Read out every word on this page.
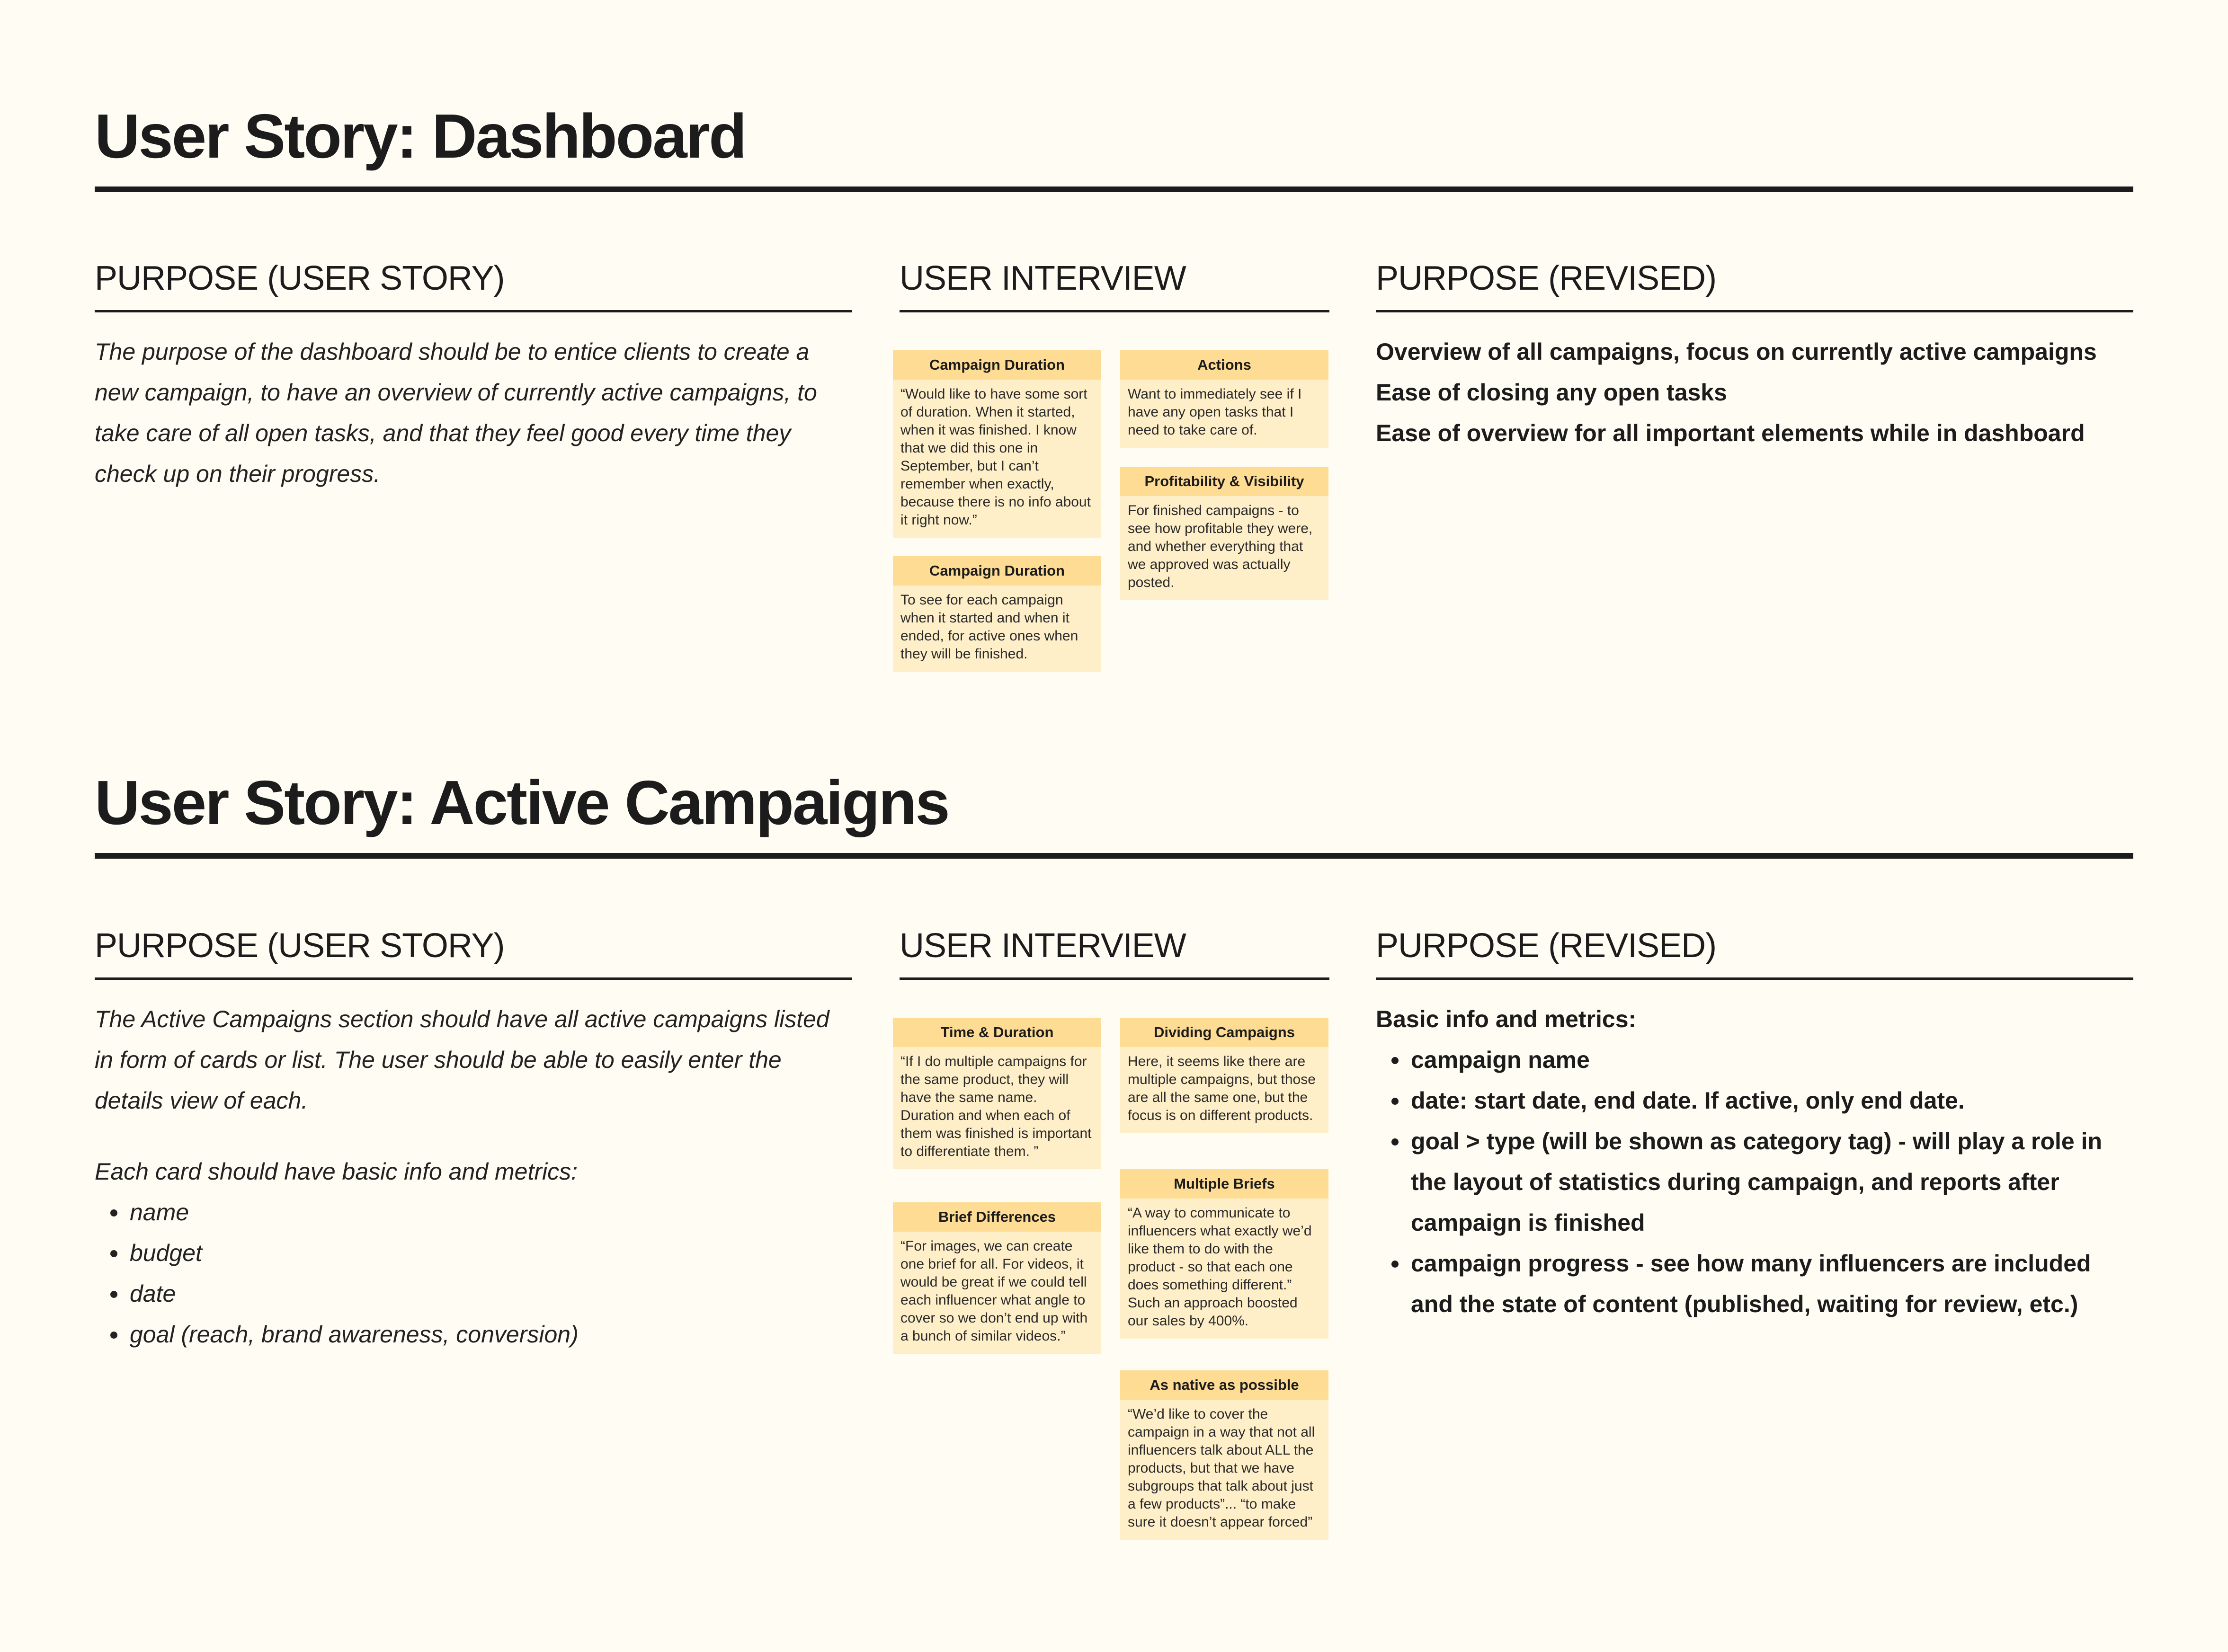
User Story: Dashboard
PURPOSE (USER STORY)

The purpose of the dashboard should be to entice clients to create a new campaign, to have an overview of currently active campaigns, to take care of all open tasks, and that they feel good every time they check up on their progress.

USER INTERVIEW
Campaign Duration
“Would like to have some sort of duration. When it started, when it was finished. I know that we did this one in September, but I can’t remember when exactly, because there is no info about it right now.”
Campaign Duration
To see for each campaign when it started and when it ended, for active ones when they will be finished.
Actions
Want to immediately see if I have any open tasks that I need to take care of.
Profitability & Visibility
For finished campaigns - to see how profitable they were, and whether everything that we approved was actually posted.
PURPOSE (REVISED)
Overview of all campaigns, focus on currently active campaigns
Ease of closing any open tasks
Ease of overview for all important elements while in dashboard
User Story: Active Campaigns
PURPOSE (USER STORY)
The Active Campaigns section should have all active campaigns listed in form of cards or list. The user should be able to easily enter the details view of each.
Each card should have basic info and metrics:
• name
• budget
• date
• goal (reach, brand awareness, conversion)
USER INTERVIEW
Time & Duration
“If I do multiple campaigns for the same product, they will have the same name. Duration and when each of them was finished is important to differentiate them. ”
Brief Differences
“For images, we can create one brief for all. For videos, it would be great if we could tell each influencer what angle to cover so we don’t end up with a bunch of similar videos.”
Dividing Campaigns
Here, it seems like there are multiple campaigns, but those are all the same one, but the focus is on different products.
Multiple Briefs
“A way to communicate to influencers what exactly we’d like them to do with the product - so that each one does something different.” Such an approach boosted our sales by 400%.
As native as possible
“We’d like to cover the campaign in a way that not all influencers talk about ALL the products, but that we have subgroups that talk about just a few products”... “to make sure it doesn’t appear forced”
PURPOSE (REVISED)
Basic info and metrics:
• campaign name
• date: start date, end date. If active, only end date.
• goal > type (will be shown as category tag) - will play a role in the layout of statistics during campaign, and reports after campaign is finished
• campaign progress - see how many influencers are included and the state of content (published, waiting for review, etc.)
